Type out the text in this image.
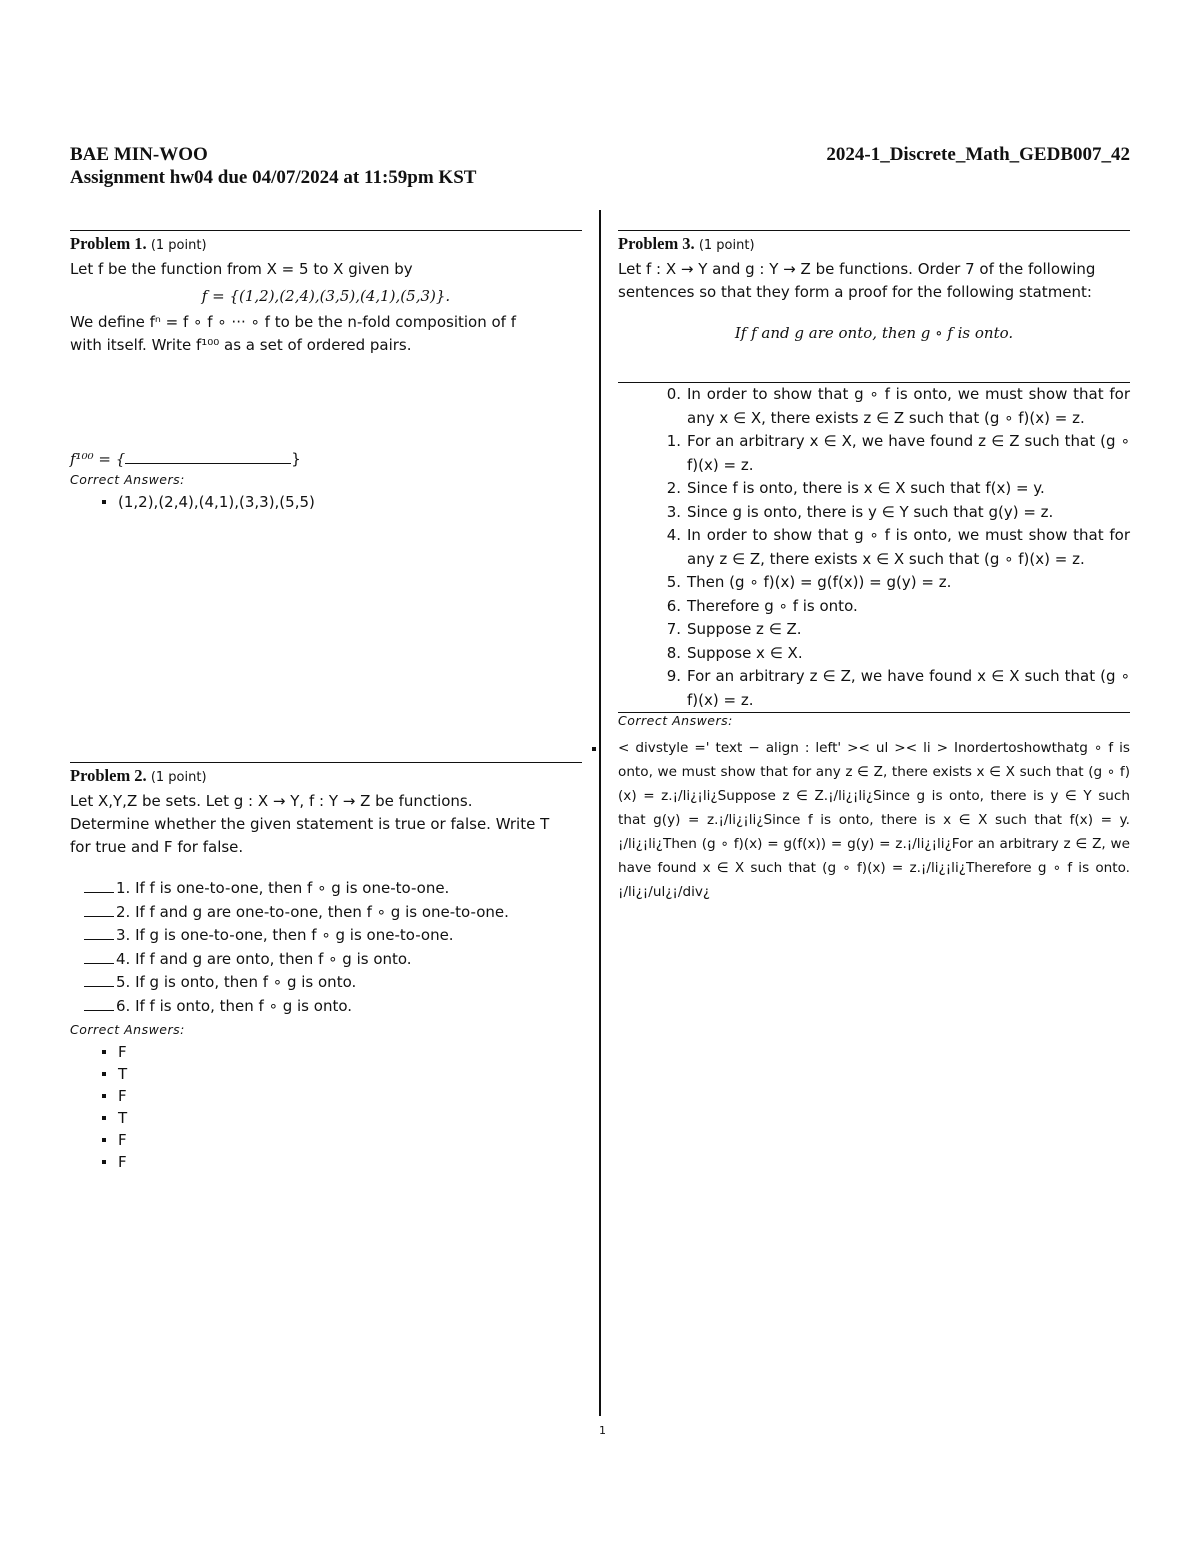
BAE MIN-WOO	2024-1_Discrete_Math_GEDB007_42
Assignment hw04 due 04/07/2024 at 11:59pm KST
Problem 1. (1 point)
Let f be the function from X = 5 to X given by
f = {(1,2),(2,4),(3,5),(4,1),(5,3)}.
We define fⁿ = f ∘ f ∘ ··· ∘ f to be the n-fold composition of f
with itself. Write f¹⁰⁰ as a set of ordered pairs.
f¹⁰⁰ = {	}
Correct Answers:
(1,2),(2,4),(4,1),(3,3),(5,5)
Problem 2. (1 point)
Let X,Y,Z be sets. Let g : X → Y, f : Y → Z be functions.
Determine whether the given statement is true or false. Write T
for true and F for false.
1. If f is one-to-one, then f ∘ g is one-to-one.
2. If f and g are one-to-one, then f ∘ g is one-to-one.
3. If g is one-to-one, then f ∘ g is one-to-one.
4. If f and g are onto, then f ∘ g is onto.
5. If g is onto, then f ∘ g is onto.
6. If f is onto, then f ∘ g is onto.
Correct Answers:
F
T
F
T
F
F
Problem 3. (1 point)
Let f : X → Y and g : Y → Z be functions. Order 7 of the following
sentences so that they form a proof for the following statment:
If f and g are onto, then g ∘ f is onto.
0. In order to show that g ∘ f is onto, we must show that for any x ∈ X, there exists z ∈ Z such that (g ∘ f)(x) = z.
1. For an arbitrary x ∈ X, we have found z ∈ Z such that (g ∘ f)(x) = z.
2. Since f is onto, there is x ∈ X such that f(x) = y.
3. Since g is onto, there is y ∈ Y such that g(y) = z.
4. In order to show that g ∘ f is onto, we must show that for any z ∈ Z, there exists x ∈ X such that (g ∘ f)(x) = z.
5. Then (g ∘ f)(x) = g(f(x)) = g(y) = z.
6. Therefore g ∘ f is onto.
7. Suppose z ∈ Z.
8. Suppose x ∈ X.
9. For an arbitrary z ∈ Z, we have found x ∈ X such that (g ∘ f)(x) = z.
Correct Answers:
< divstyle =' text − align : left' >< ul >< li > Inordertoshowthatg ∘ f is onto, we must show that for any z ∈ Z, there exists x ∈ X such that (g ∘ f)(x) = z.¡/li¿¡li¿Suppose z ∈ Z.¡/li¿¡li¿Since g is onto, there is y ∈ Y such that g(y) = z.¡/li¿¡li¿Since f is onto, there is x ∈ X such that f(x) = y.¡/li¿¡li¿Then (g ∘ f)(x) = g(f(x)) = g(y) = z.¡/li¿¡li¿For an arbitrary z ∈ Z, we have found x ∈ X such that (g ∘ f)(x) = z.¡/li¿¡li¿Therefore g ∘ f is onto.¡/li¿¡/ul¿¡/div¿
1
